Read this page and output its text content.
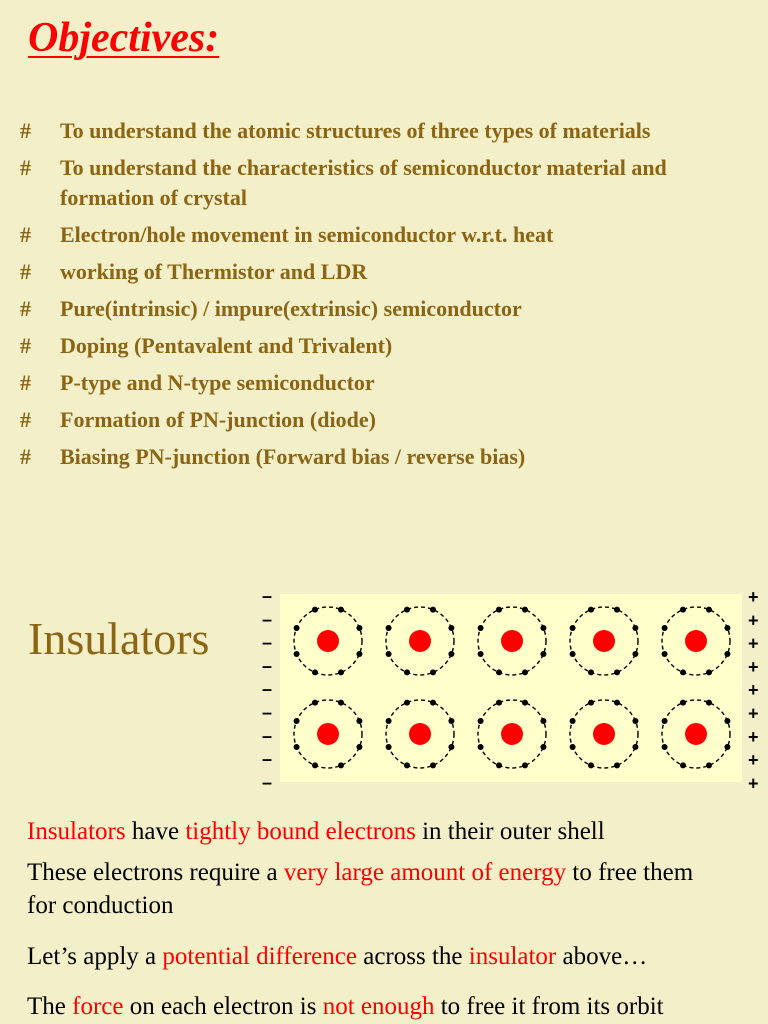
Objectives:
# To understand the atomic structures of three types of materials
#	To understand the characteristics of semiconductor material and formation of crystal
#	Electron/hole movement in semiconductor w.r.t. heat
#	working of Thermistor and LDR
#	Pure(intrinsic) / impure(extrinsic) semiconductor
#	Doping (Pentavalent and Trivalent)
#	P-type and N-type semiconductor
#	Formation of PN-junction (diode)
#	Biasing PN-junction (Forward bias / reverse bias)
Insulators
–
–
–
–
–
–
–
–
–
+
+
+
+
+
+
+
+
+
Insulators have tightly bound electrons in their outer shell
These electrons require a very large amount of energy to free them for conduction
Let’s apply a potential difference across the insulator above…
The force on each electron is not enough to free it from its orbit
